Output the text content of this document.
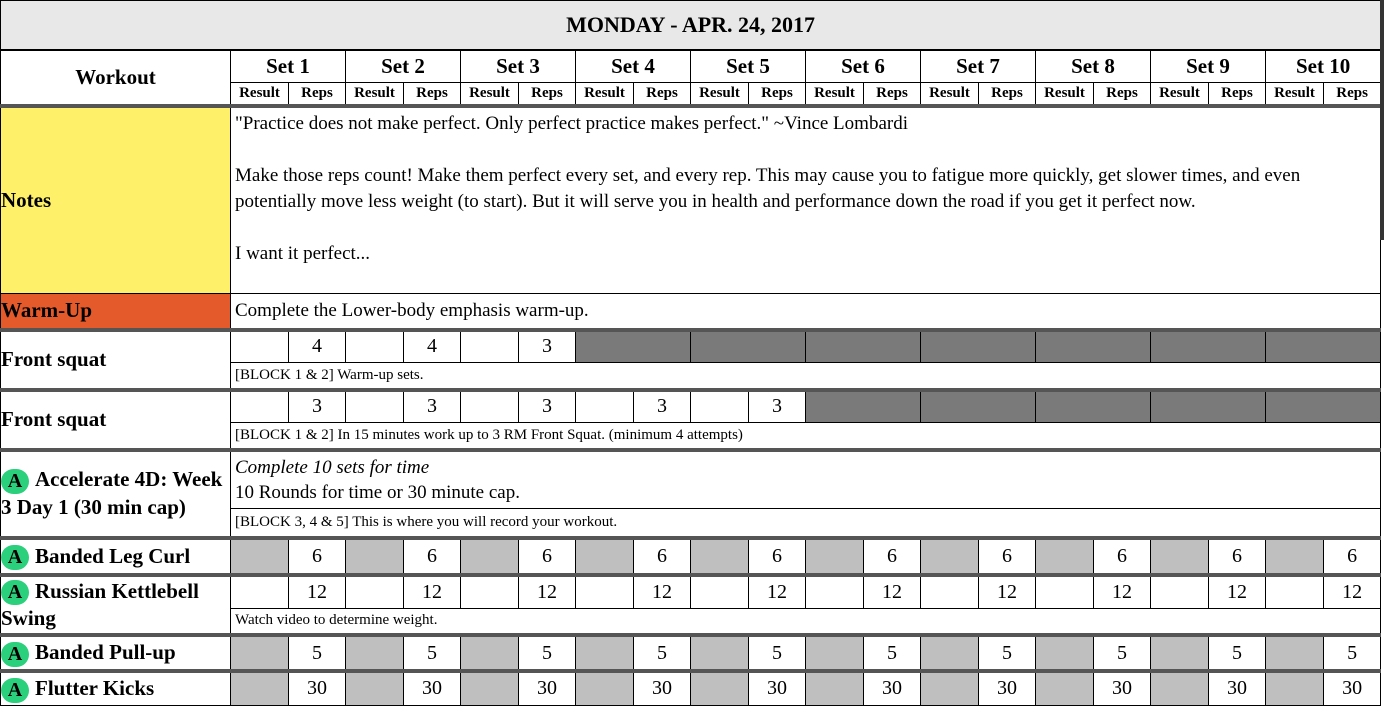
MONDAY - APR. 24, 2017																				
Workout	Set 1		Set 2		Set 3		Set 4		Set 5		Set 6		Set 7		Set 8		Set 9		Set 10	
	Result	Reps	Result	Reps	Result	Reps	Result	Reps	Result	Reps	Result	Reps	Result	Reps	Result	Reps	Result	Reps	Result	Reps
Notes	"Practice does not make perfect. Only perfect practice makes perfect." ~Vince Lombardi

Make those reps count! Make them perfect every set, and every rep. This may cause you to fatigue more quickly, get slower times, and even potentially move less weight (to start). But it will serve you in health and performance down the road if you get it perfect now.

I want it perfect...																			

Warm-Up	Complete the Lower-body emphasis warm-up.																			
Front squat		4		4		3														
	[BLOCK 1 & 2] Warm-up sets.																			
Front squat		3		3		3		3		3										
	[BLOCK 1 & 2] In 15 minutes work up to 3 RM Front Squat. (minimum 4 attempts)																			
A Accelerate 4D: Week 3 Day 1 (30 min cap)	Complete 10 sets for time
10 Rounds for time or 30 minute cap.																			
	[BLOCK 3, 4 & 5] This is where you will record your workout.																			
A Banded Leg Curl		6		6		6		6		6		6		6		6		6		6
A Russian Kettlebell Swing		12		12		12		12		12		12		12		12		12		12
	Watch video to determine weight.																			
A Banded Pull-up		5		5		5		5		5		5		5		5		5		5
A Flutter Kicks		30		30		30		30		30		30		30		30		30		30
